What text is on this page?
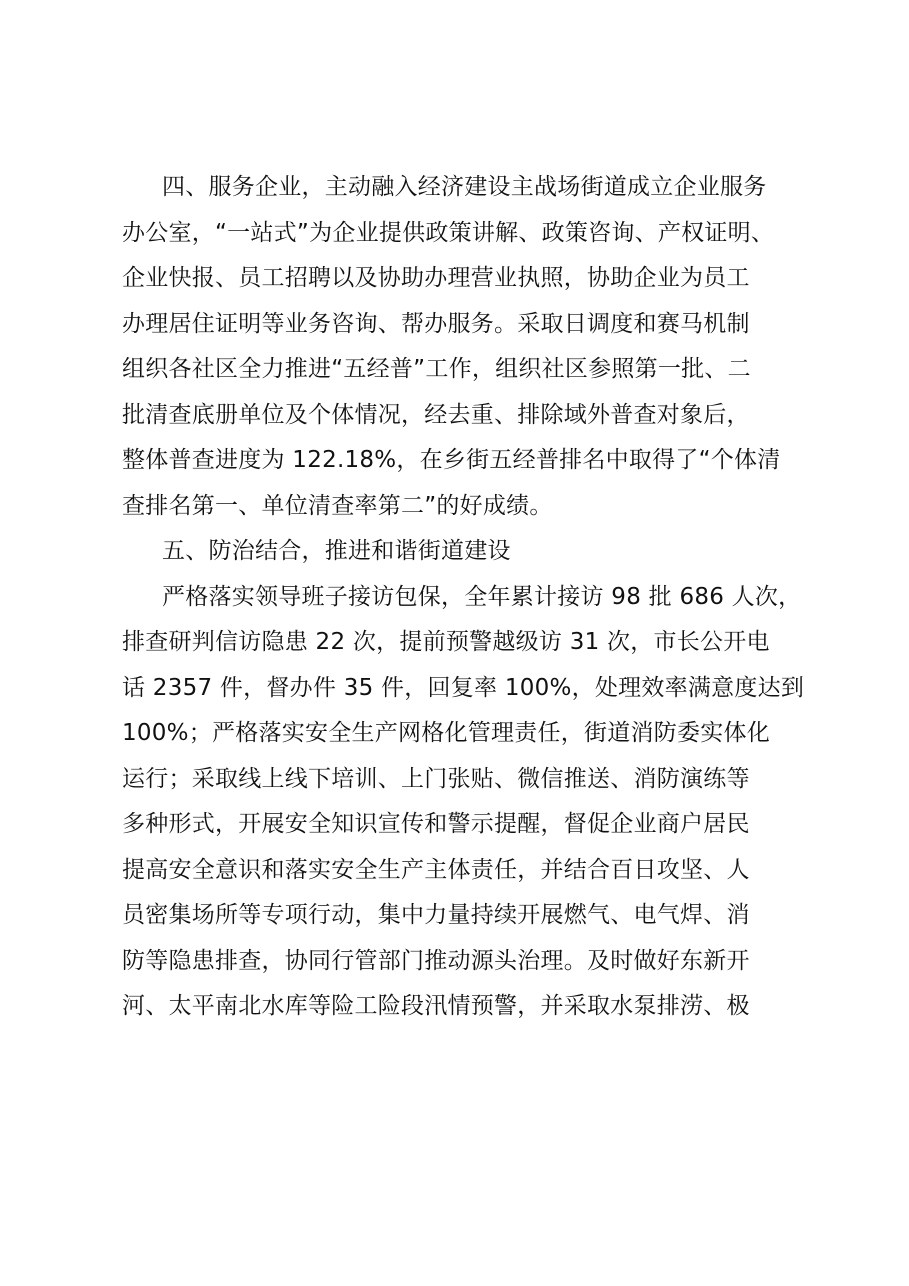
四、服务企业，主动融入经济建设主战场街道成立企业服务
办公室，“一站式”为企业提供政策讲解、政策咨询、产权证明、
企业快报、员工招聘以及协助办理营业执照，协助企业为员工
办理居住证明等业务咨询、帮办服务。采取日调度和赛马机制
组织各社区全力推进“五经普”工作，组织社区参照第一批、二
批清查底册单位及个体情况，经去重、排除域外普查对象后，
整体普查进度为 122.18%，在乡街五经普排名中取得了“个体清
查排名第一、单位清查率第二”的好成绩。
五、防治结合，推进和谐街道建设
严格落实领导班子接访包保，全年累计接访 98 批 686 人次，
排查研判信访隐患 22 次，提前预警越级访 31 次，市长公开电
话 2357 件，督办件 35 件，回复率 100%，处理效率满意度达到
100%；严格落实安全生产网格化管理责任，街道消防委实体化
运行；采取线上线下培训、上门张贴、微信推送、消防演练等
多种形式，开展安全知识宣传和警示提醒，督促企业商户居民
提高安全意识和落实安全生产主体责任，并结合百日攻坚、人
员密集场所等专项行动，集中力量持续开展燃气、电气焊、消
防等隐患排查，协同行管部门推动源头治理。及时做好东新开
河、太平南北水库等险工险段汛情预警，并采取水泵排涝、极
